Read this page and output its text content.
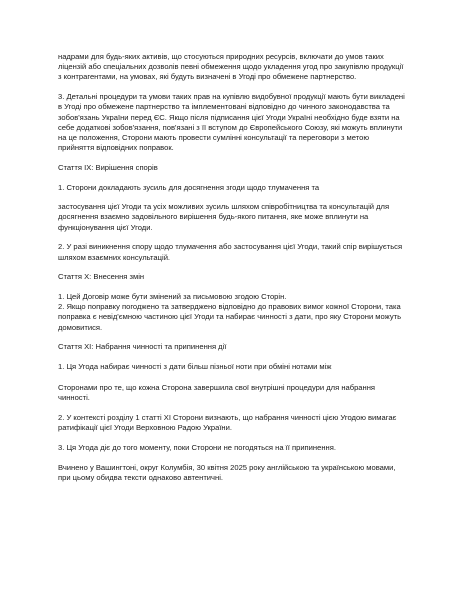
надрами для будь-яких активів, що стосуються природних ресурсів, включати до умов таких ліцензій або спеціальних дозволів певні обмеження щодо укладення угод про закупівлю продукції з контрагентами, на умовах, які будуть визначені в Угоді про обмежене партнерство.

3. Детальні процедури та умови таких прав на купівлю видобувної продукції мають бути викладені в Угоді про обмежене партнерство та імплементовані відповідно до чинного законодавства та зобов'язань України перед ЄС. Якщо після підписання цієї Угоди Україні необхідно буде взяти на себе додаткові зобов'язання, пов'язані з її вступом до Європейського Союзу, які можуть вплинути на це положення, Сторони мають провести сумлінні консультації та переговори з метою прийняття відповідних поправок.

Стаття IX: Вирішення спорів

1. Сторони докладають зусиль для досягнення згоди щодо тлумачення та

застосування цієї Угоди та усіх можливих зусиль шляхом співробітництва та консультацій для досягнення взаємно задовільного вирішення будь-якого питання, яке може вплинути на функціонування цієї Угоди.

2. У разі виникнення спору щодо тлумачення або застосування цієї Угоди, такий спір вирішується шляхом взаємних консультацій.

Стаття X: Внесення змін

1. Цей Договір може бути змінений за письмовою згодою Сторін.

2. Якщо поправку погоджено та затверджено відповідно до правових вимог кожної Сторони, така поправка є невід'ємною частиною цієї Угоди та набирає чинності з дати, про яку Сторони можуть домовитися.

Стаття XI: Набрання чинності та припинення дії

1. Ця Угода набирає чинності з дати більш пізньої ноти при обміні нотами між

Сторонами про те, що кожна Сторона завершила свої внутрішні процедури для набрання чинності.

2. У контексті розділу 1 статті XI Сторони визнають, що набрання чинності цією Угодою вимагає ратифікації цієї Угоди Верховною Радою України.

3. Ця Угода діє до того моменту, поки Сторони не погодяться на її припинення.

Вчинено у Вашингтоні, округ Колумбія, 30 квітня 2025 року англійською та українською мовами, при цьому обидва тексти однаково автентичні.
